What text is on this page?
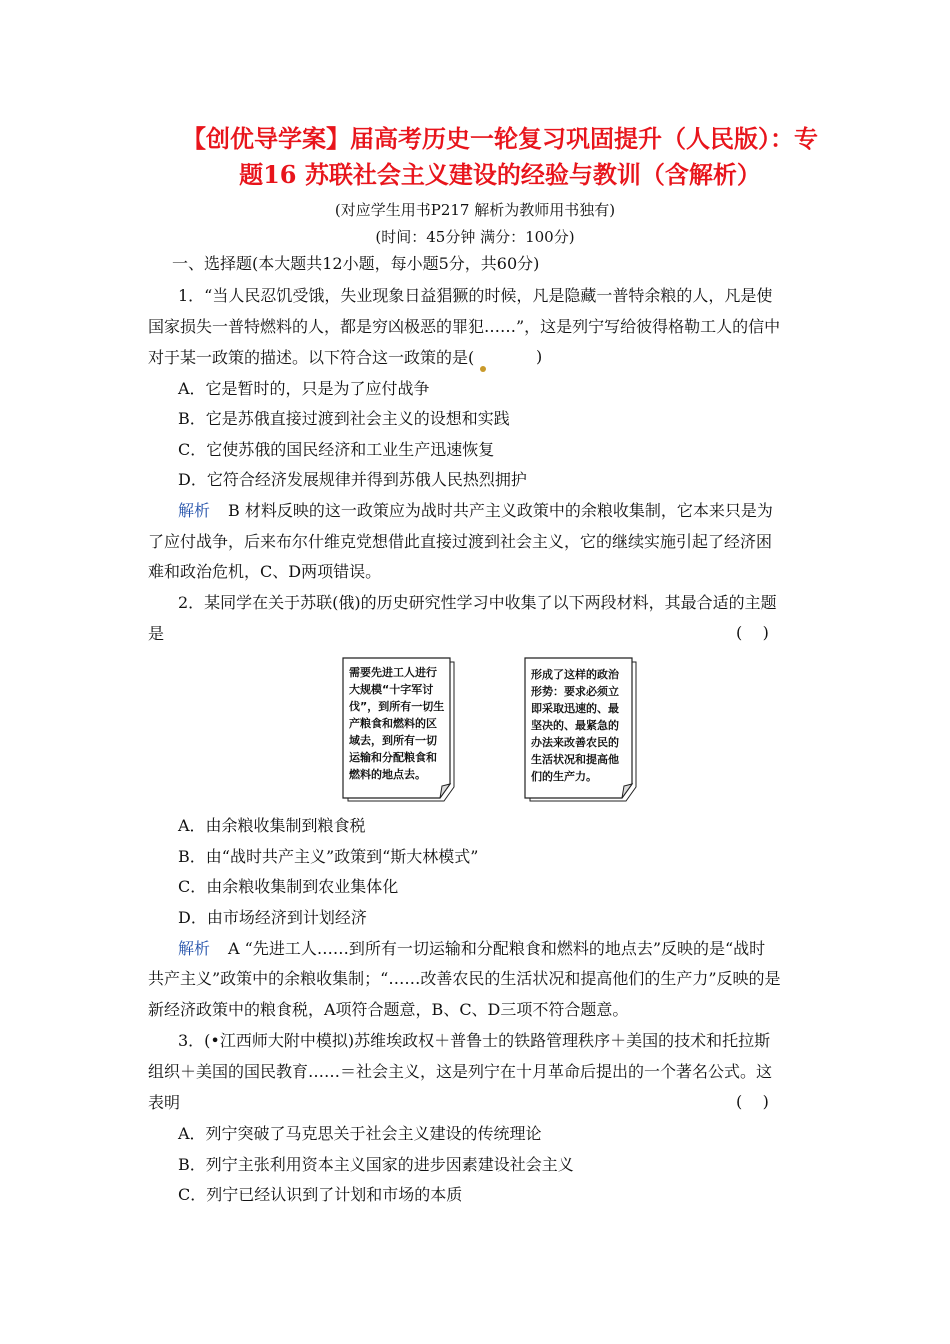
【创优导学案】届高考历史一轮复习巩固提升（人民版）：专
题16 苏联社会主义建设的经验与教训（含解析）
(对应学生用书P217 解析为教师用书独有)
(时间：45分钟 满分：100分)
一、选择题(本大题共12小题，每小题5分，共60分)
1．“当人民忍饥受饿，失业现象日益猖獗的时候，凡是隐藏一普特余粮的人，凡是使
国家损失一普特燃料的人，都是穷凶极恶的罪犯……”，这是列宁写给彼得格勒工人的信中
对于某一政策的描述。以下符合这一政策的是(	)
A．它是暂时的，只是为了应付战争
B．它是苏俄直接过渡到社会主义的设想和实践
C．它使苏俄的国民经济和工业生产迅速恢复
D．它符合经济发展规律并得到苏俄人民热烈拥护
解析 B 材料反映的这一政策应为战时共产主义政策中的余粮收集制，它本来只是为
了应付战争，后来布尔什维克党想借此直接过渡到社会主义，它的继续实施引起了经济困
难和政治危机，C、D两项错误。
2．某同学在关于苏联(俄)的历史研究性学习中收集了以下两段材料，其最合适的主题
是	(    )
需要先进工人进行
大规模“十字军讨
伐”，到所有一切生
产粮食和燃料的区
域去，到所有一切
运输和分配粮食和
燃料的地点去。
形成了这样的政治
形势：要求必须立
即采取迅速的、最
坚决的、最紧急的
办法来改善农民的
生活状况和提高他
们的生产力。
A．由余粮收集制到粮食税
B．由“战时共产主义”政策到“斯大林模式”
C．由余粮收集制到农业集体化
D．由市场经济到计划经济
解析 A “先进工人……到所有一切运输和分配粮食和燃料的地点去”反映的是“战时
共产主义”政策中的余粮收集制；“……改善农民的生活状况和提高他们的生产力”反映的是
新经济政策中的粮食税，A项符合题意，B、C、D三项不符合题意。
3．(•江西师大附中模拟)苏维埃政权＋普鲁士的铁路管理秩序＋美国的技术和托拉斯
组织＋美国的国民教育……＝社会主义，这是列宁在十月革命后提出的一个著名公式。这
表明	(    )
A．列宁突破了马克思关于社会主义建设的传统理论
B．列宁主张利用资本主义国家的进步因素建设社会主义
C．列宁已经认识到了计划和市场的本质
